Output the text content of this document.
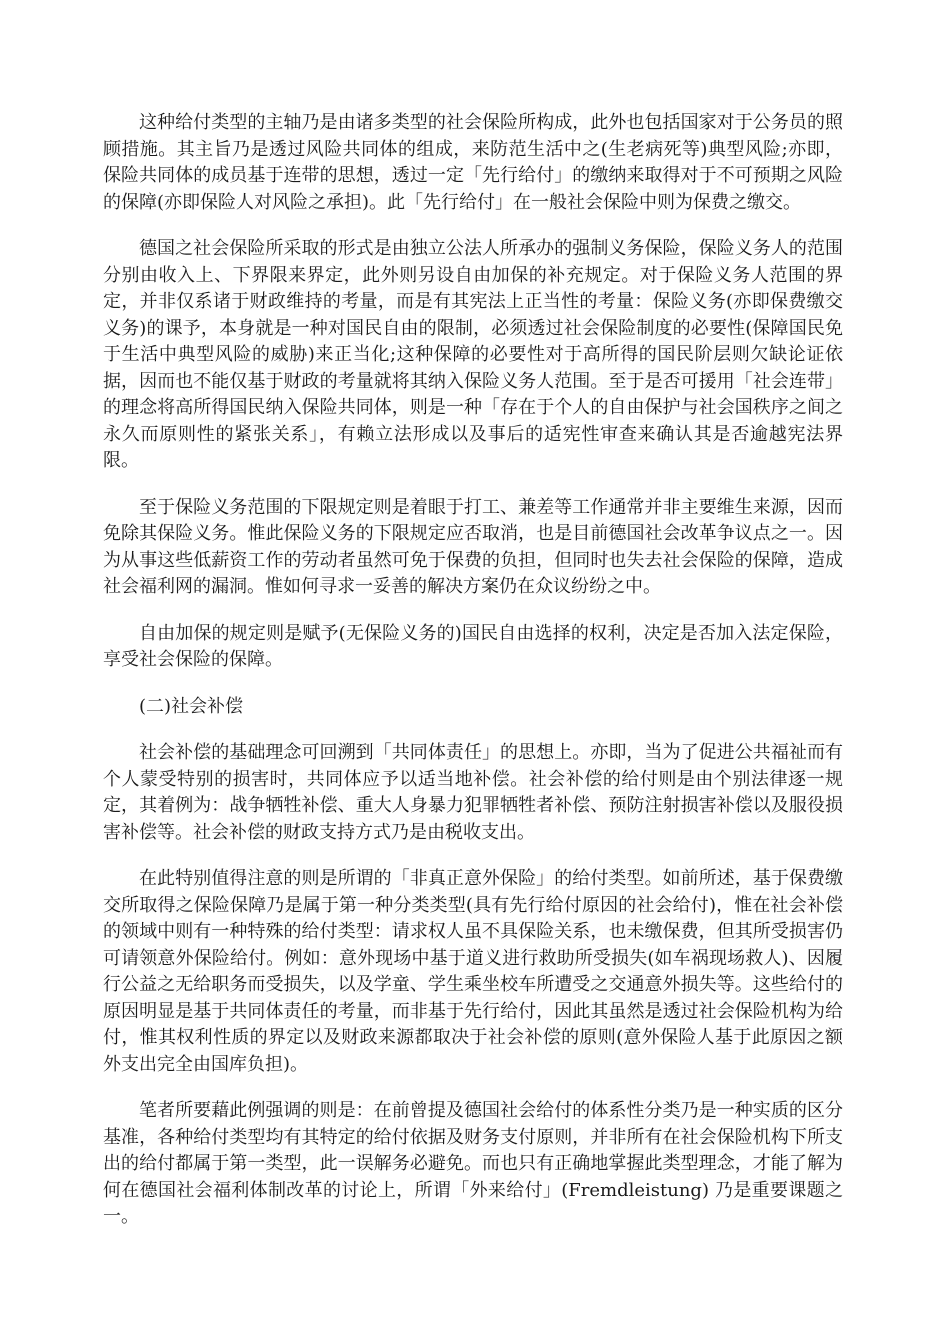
这种给付类型的主轴乃是由诸多类型的社会保险所构成，此外也包括国家对于公务员的照顾措施。其主旨乃是透过风险共同体的组成，来防范生活中之(生老病死等)典型风险;亦即，保险共同体的成员基于连带的思想，透过一定「先行给付」的缴纳来取得对于不可预期之风险的保障(亦即保险人对风险之承担)。此「先行给付」在一般社会保险中则为保费之缴交。

德国之社会保险所采取的形式是由独立公法人所承办的强制义务保险，保险义务人的范围分别由收入上、下界限来界定，此外则另设自由加保的补充规定。对于保险义务人范围的界定，并非仅系诸于财政维持的考量，而是有其宪法上正当性的考量：保险义务(亦即保费缴交义务)的课予，本身就是一种对国民自由的限制，必须透过社会保险制度的必要性(保障国民免于生活中典型风险的威胁)来正当化;这种保障的必要性对于高所得的国民阶层则欠缺论证依据，因而也不能仅基于财政的考量就将其纳入保险义务人范围。至于是否可援用「社会连带」的理念将高所得国民纳入保险共同体，则是一种「存在于个人的自由保护与社会国秩序之间之永久而原则性的紧张关系」，有赖立法形成以及事后的适宪性审查来确认其是否逾越宪法界限。

至于保险义务范围的下限规定则是着眼于打工、兼差等工作通常并非主要维生来源，因而免除其保险义务。惟此保险义务的下限规定应否取消，也是目前德国社会改革争议点之一。因为从事这些低薪资工作的劳动者虽然可免于保费的负担，但同时也失去社会保险的保障，造成社会福利网的漏洞。惟如何寻求一妥善的解决方案仍在众议纷纷之中。

自由加保的规定则是赋予(无保险义务的)国民自由选择的权利，决定是否加入法定保险，享受社会保险的保障。

(二)社会补偿

社会补偿的基础理念可回溯到「共同体责任」的思想上。亦即，当为了促进公共福祉而有个人蒙受特别的损害时，共同体应予以适当地补偿。社会补偿的给付则是由个别法律逐一规定，其着例为：战争牺牲补偿、重大人身暴力犯罪牺牲者补偿、预防注射损害补偿以及服役损害补偿等。社会补偿的财政支持方式乃是由税收支出。

在此特别值得注意的则是所谓的「非真正意外保险」的给付类型。如前所述，基于保费缴交所取得之保险保障乃是属于第一种分类类型(具有先行给付原因的社会给付)，惟在社会补偿的领域中则有一种特殊的给付类型：请求权人虽不具保险关系，也未缴保费，但其所受损害仍可请领意外保险给付。例如：意外现场中基于道义进行救助所受损失(如车祸现场救人)、因履行公益之无给职务而受损失，以及学童、学生乘坐校车所遭受之交通意外损失等。这些给付的原因明显是基于共同体责任的考量，而非基于先行给付，因此其虽然是透过社会保险机构为给付，惟其权利性质的界定以及财政来源都取决于社会补偿的原则(意外保险人基于此原因之额外支出完全由国库负担)。

笔者所要藉此例强调的则是：在前曾提及德国社会给付的体系性分类乃是一种实质的区分基准，各种给付类型均有其特定的给付依据及财务支付原则，并非所有在社会保险机构下所支出的给付都属于第一类型，此一误解务必避免。而也只有正确地掌握此类型理念，才能了解为何在德国社会福利体制改革的讨论上，所谓「外来给付」(Fremdleistung) 乃是重要课题之一。
